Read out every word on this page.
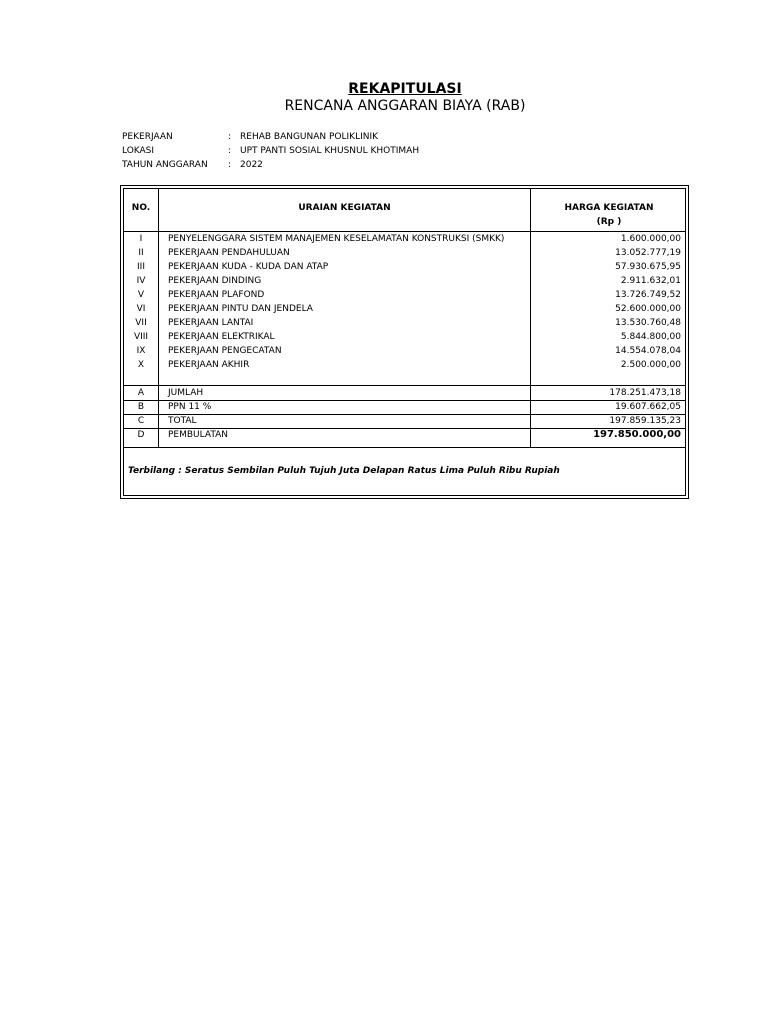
REKAPITULASI
RENCANA ANGGARAN BIAYA (RAB)
PEKERJAAN	: REHAB BANGUNAN POLIKLINIK
LOKASI	: UPT PANTI SOSIAL KHUSNUL KHOTIMAH
TAHUN ANGGARAN	: 2022
NO.	URAIAN KEGIATAN	HARGA KEGIATAN
(Rp )
I	PENYELENGGARA SISTEM MANAJEMEN KESELAMATAN KONSTRUKSI (SMKK)	1.600.000,00
II	PEKERJAAN PENDAHULUAN	13.052.777,19
III	PEKERJAAN KUDA - KUDA DAN ATAP	57.930.675,95
IV	PEKERJAAN DINDING	2.911.632,01
V	PEKERJAAN PLAFOND	13.726.749,52
VI	PEKERJAAN PINTU DAN JENDELA	52.600.000,00
VII	PEKERJAAN LANTAI	13.530.760,48
VIII	PEKERJAAN ELEKTRIKAL	5.844.800,00
IX	PEKERJAAN PENGECATAN	14.554.078,04
X	PEKERJAAN AKHIR	2.500.000,00
A	JUMLAH	178.251.473,18
B	PPN 11 %	19.607.662,05
C	TOTAL	197.859.135,23
D	PEMBULATAN	197.850.000,00
Terbilang : Seratus Sembilan Puluh Tujuh Juta Delapan Ratus Lima Puluh Ribu Rupiah
